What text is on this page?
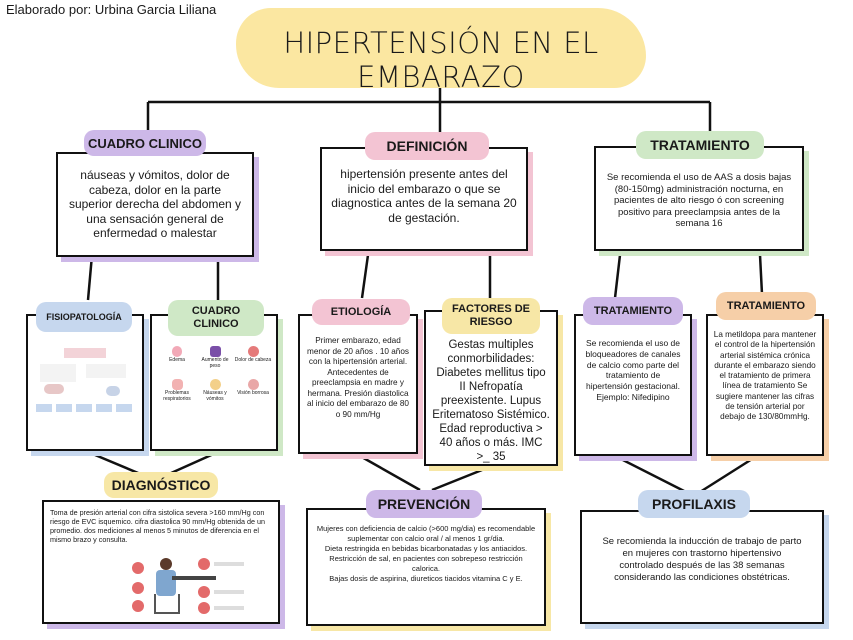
Elaborado por: Urbina Garcia Liliana
HIPERTENSIÓN EN EL EMBARAZO
náuseas y vómitos, dolor de cabeza, dolor en la parte superior derecha del abdomen y una sensación general de enfermedad o malestar
CUADRO CLINICO
hipertensión presente antes del inicio del embarazo o que se diagnostica antes de la semana 20 de gestación.
DEFINICIÓN
Se recomienda el uso de AAS a dosis bajas (80-150mg) administración nocturna, en pacientes de alto riesgo ó con screening positivo para preeclampsia antes de la semana 16
TRATAMIENTO
FISIOPATOLOGÍA
Edema	Aumento de peso
Dolor de cabeza
Problemas respiratorios
Náuseas y vómitos
Visión borrosa
CUADRO CLINICO
Primer embarazo, edad menor de 20 años . 10 años con la hipertensión arterial. Antecedentes de preeclampsia en madre y hermana. Presión diastolica al inicio del embarazo de 80 o 90 mm/Hg
ETIOLOGÍA
Gestas multiples conmorbilidades: Diabetes mellitus tipo II Nefropatía preexistente. Lupus Eritematoso Sistémico. Edad reproductiva > 40 años o más. IMC >_ 35
FACTORES DE RIESGO
Se recomienda el uso de bloqueadores de canales de calcio como parte del tratamiento de hipertensión gestacional. Ejemplo: Nifedipino
TRATAMIENTO
La metildopa para mantener el control de la hipertensión arterial sistémica crónica durante el embarazo siendo el tratamiento de primera línea de tratamiento Se sugiere mantener las cifras de tensión arterial por debajo de 130/80mmHg.
TRATAMIENTO
Toma de presión arterial con cifra sistolica severa >160 mm/Hg con riesgo de EVC isquemico. cifra diastolica 90 mm/Hg obtenida de un promedio. dos mediciones al menos 5 minutos de diferencia en el mismo brazo y consulta.
DIAGNÓSTICO
Mujeres con deficiencia de calcio (>600 mg/dia) es recomendable suplementar con calcio oral / al menos 1 gr/dia.
Dieta restringida en bebidas bicarbonatadas y los antiacidos.
Restricción de sal, en pacientes con sobrepeso restricción calorica.
Bajas dosis de aspirina, diureticos tiacidos vitamina C y E.
PREVENCIÓN
Se recomienda la inducción de trabajo de parto en mujeres con trastorno hipertensivo controlado después de las 38 semanas considerando las condiciones obstétricas.
PROFILAXIS
